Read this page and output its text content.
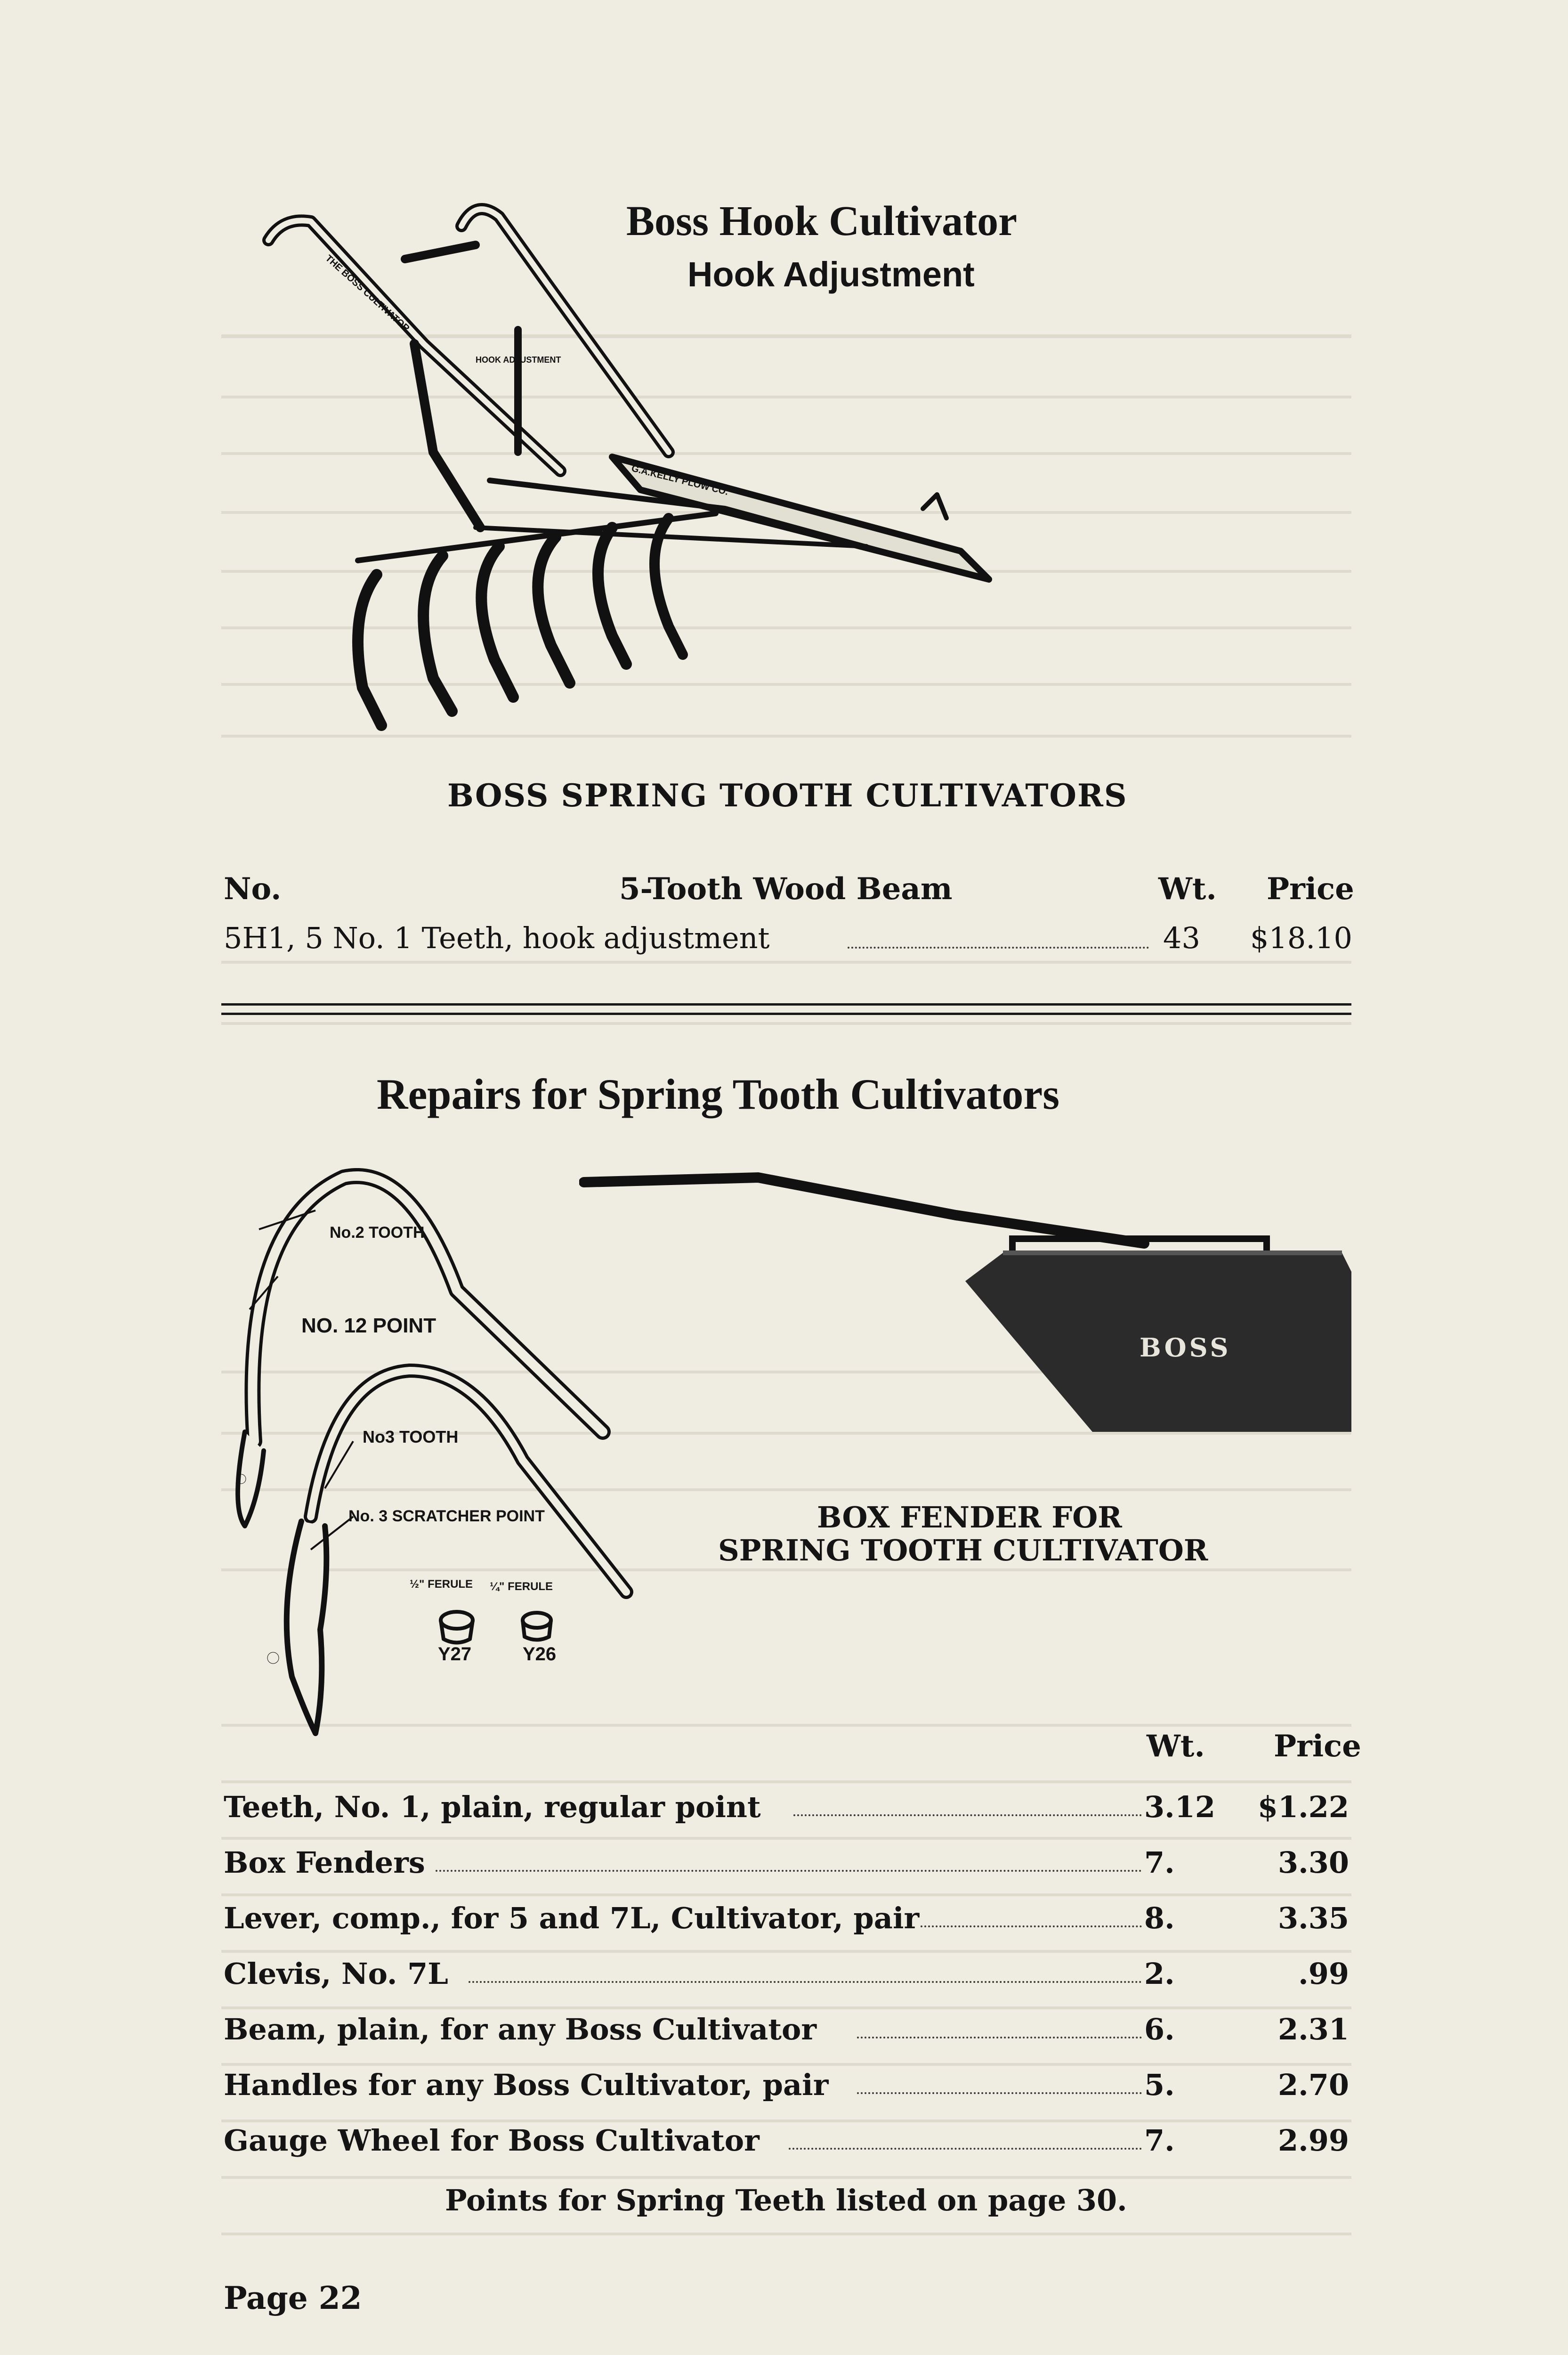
THE BOSS CULTIVATOR
HOOK ADJUSTMENT
G.A.KELLY PLOW CO.
Boss Hook Cultivator
Hook Adjustment
BOSS SPRING TOOTH CULTIVATORS
No.	5-Tooth Wood Beam	Wt. Price
5H1, 5 No. 1 Teeth, hook adjustment	43 $18.10
Repairs for Spring Tooth Cultivators
No.2 TOOTH
NO. 12 POINT
No3 TOOTH
No. 3 SCRATCHER POINT
½" FERULE ¼" FERULE
Y27	Y26
BOSS
BOX FENDER FOR
SPRING TOOTH CULTIVATOR
Wt. Price
Teeth, No. 1, plain, regular point	3.12	$1.22
Box Fenders	7.	3.30
Lever, comp., for 5 and 7L, Cultivator, pair	8.	3.35
Clevis, No. 7L	2.	.99
Beam, plain, for any Boss Cultivator	6.	2.31
Handles for any Boss Cultivator, pair	5.	2.70
Gauge Wheel for Boss Cultivator	7.	2.99
Points for Spring Teeth listed on page 30.
Page 22
